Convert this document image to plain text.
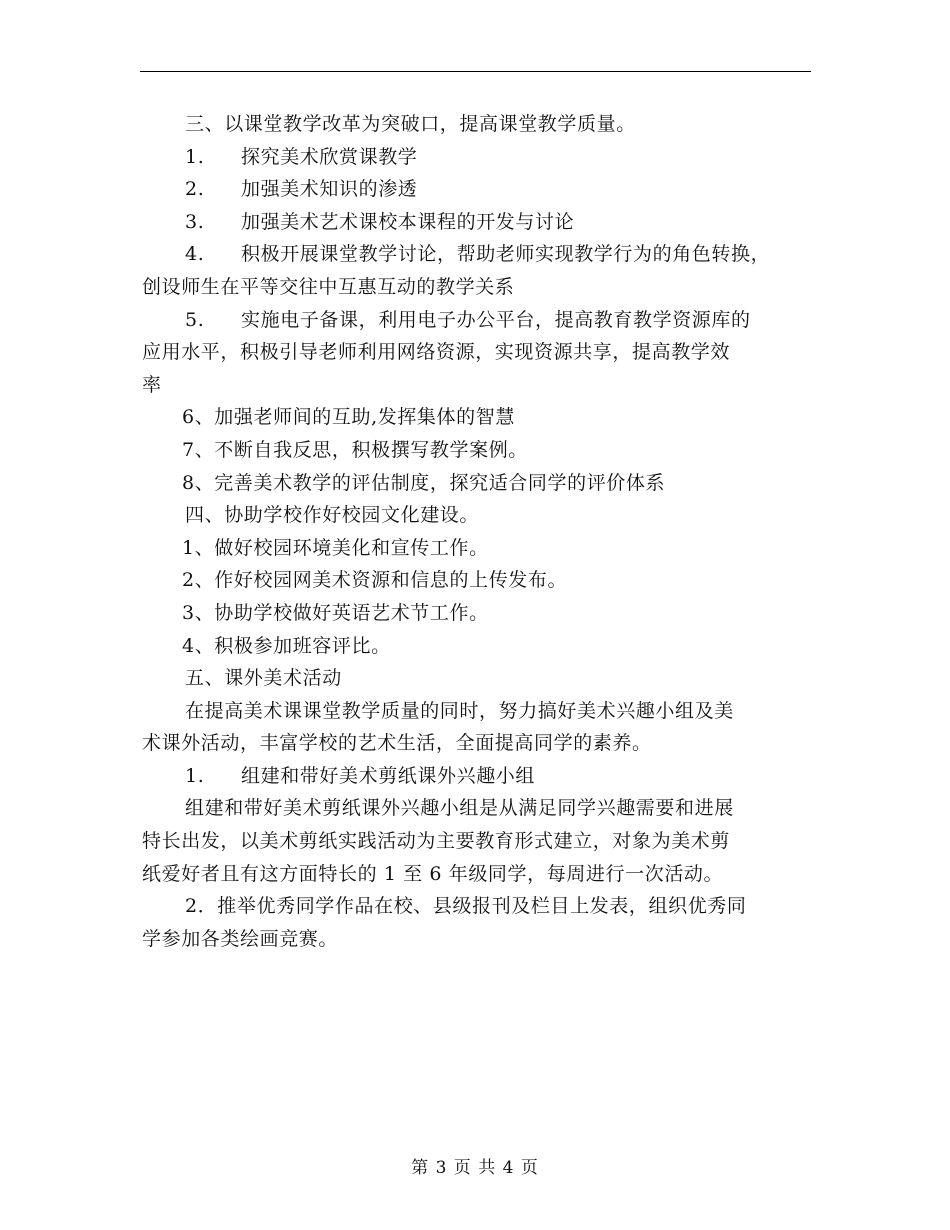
三、以课堂教学改革为突破口，提高课堂教学质量。
1. 探究美术欣赏课教学
2. 加强美术知识的渗透
3. 加强美术艺术课校本课程的开发与讨论
4. 积极开展课堂教学讨论，帮助老师实现教学行为的角色转换，
创设师生在平等交往中互惠互动的教学关系
5. 实施电子备课，利用电子办公平台，提高教育教学资源库的
应用水平，积极引导老师利用网络资源，实现资源共享，提高教学效
率
6、加强老师间的互助,发挥集体的智慧
7、不断自我反思，积极撰写教学案例。
8、完善美术教学的评估制度，探究适合同学的评价体系
四、协助学校作好校园文化建设。
1、做好校园环境美化和宣传工作。
2、作好校园网美术资源和信息的上传发布。
3、协助学校做好英语艺术节工作。
4、积极参加班容评比。
五、课外美术活动
在提高美术课课堂教学质量的同时，努力搞好美术兴趣小组及美
术课外活动，丰富学校的艺术生活，全面提高同学的素养。
1. 组建和带好美术剪纸课外兴趣小组
组建和带好美术剪纸课外兴趣小组是从满足同学兴趣需要和进展
特长出发，以美术剪纸实践活动为主要教育形式建立，对象为美术剪
纸爱好者且有这方面特长的 1 至 6 年级同学，每周进行一次活动。
2．推举优秀同学作品在校、县级报刊及栏目上发表，组织优秀同
学参加各类绘画竞赛。
第 3 页 共 4 页
